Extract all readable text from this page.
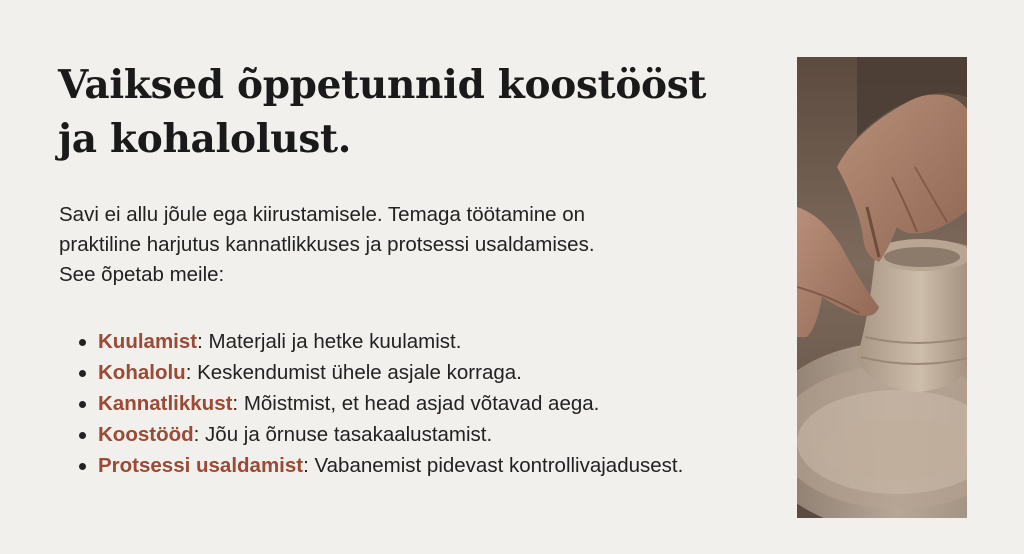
Vaiksed õppetunnid koostööst
ja kohalolust.

Savi ei allu jõule ega kiirustamisele. Temaga töötamine on
praktiline harjutus kannatlikkuses ja protsessi usaldamises.
See õpetab meile:

Kuulamist: Materjali ja hetke kuulamist.
Kohalolu: Keskendumist ühele asjale korraga.
Kannatlikkust: Mõistmist, et head asjad võtavad aega.
Koostööd: Jõu ja õrnuse tasakaalustamist.
Protsessi usaldamist: Vabanemist pidevast kontrollivajadusest.
